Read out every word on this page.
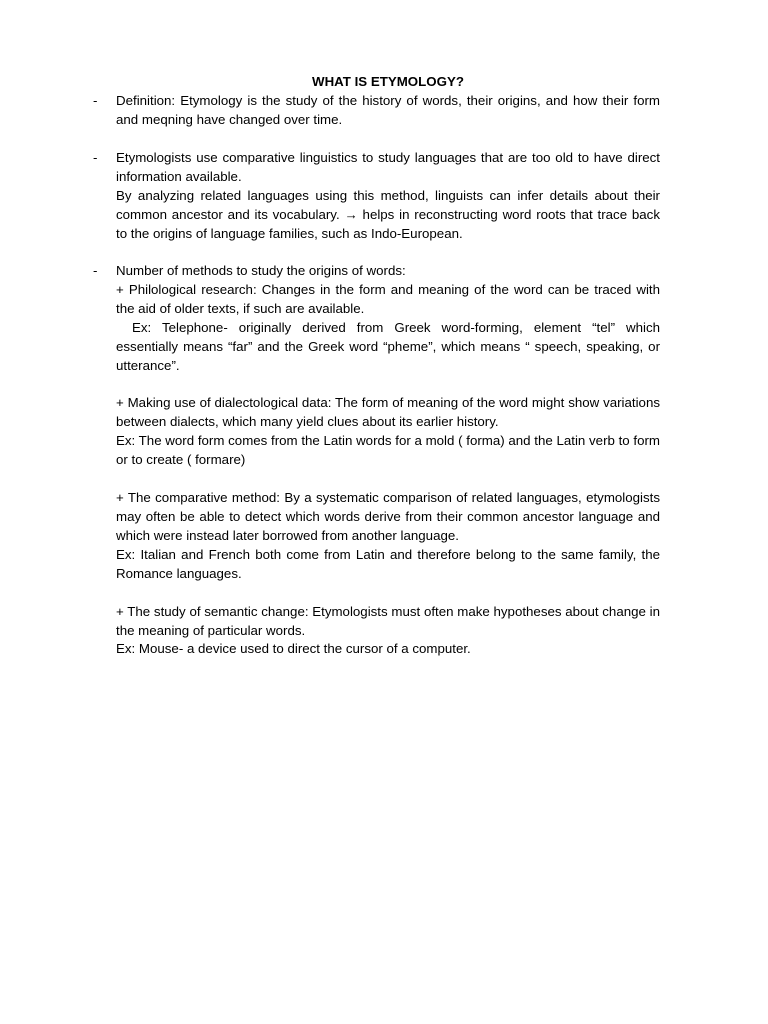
WHAT IS ETYMOLOGY?
-	Definition: Etymology is the study of the history of words, their origins, and how their form and meqning have changed over time.

-	Etymologists use comparative linguistics to study languages that are too old to have direct information available.

By analyzing related languages using this method, linguists can infer details about their common ancestor and its vocabulary. → helps in reconstructing word roots that trace back to the origins of language families, such as Indo-European.

-	Number of methods to study the origins of words:

+ Philological research: Changes in the form and meaning of the word can be traced with the aid of older texts, if such are available.

Ex: Telephone- originally derived from Greek word-forming, element “tel” which essentially means “far” and the Greek word “pheme”, which means “ speech, speaking, or utterance”.

+ Making use of dialectological data: The form of meaning of the word might show variations between dialects, which many yield clues about its earlier history.

Ex: The word form comes from the Latin words for a mold ( forma) and the Latin verb to form or to create ( formare)

+ The comparative method: By a systematic comparison of related languages, etymologists may often be able to detect which words derive from their common ancestor language and which were instead later borrowed from another language.

Ex: Italian and French both come from Latin and therefore belong to the same family, the Romance languages.

+ The study of semantic change: Etymologists must often make hypotheses about change in the meaning of particular words.

Ex: Mouse- a device used to direct the cursor of a computer.
